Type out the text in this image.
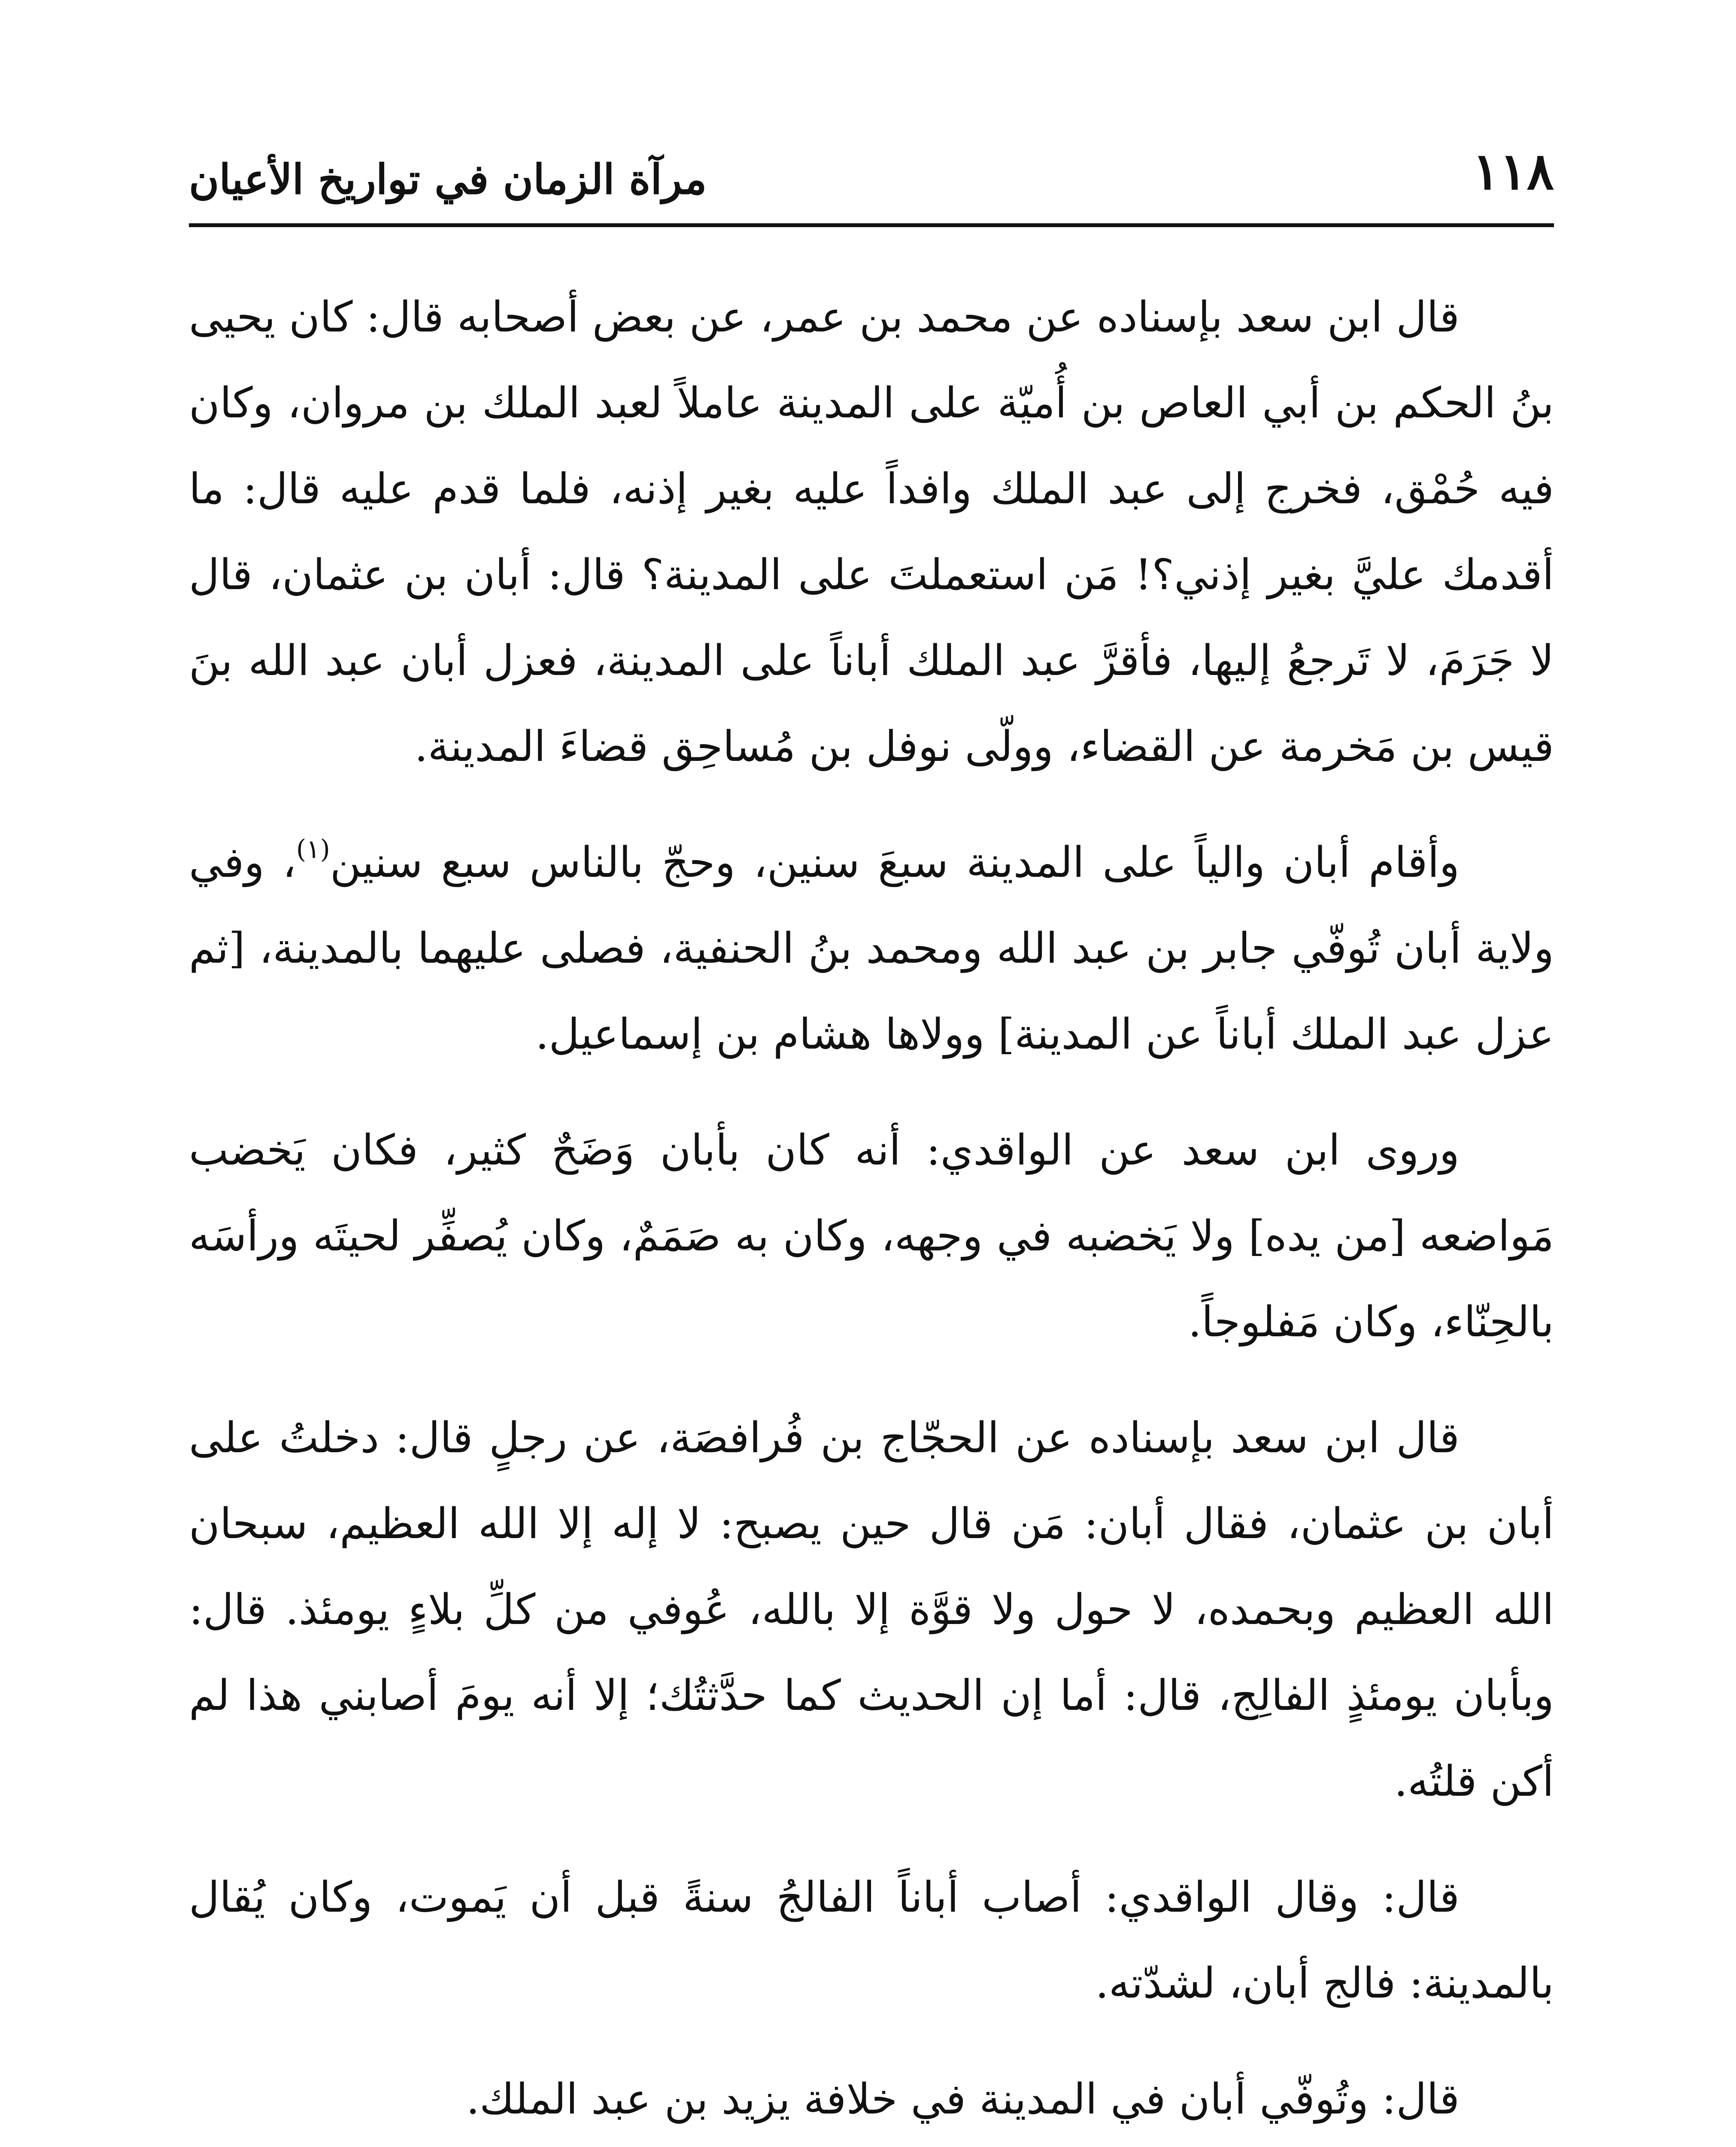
١١٨
مرآة الزمان في تواريخ الأعيان

قال ابن سعد بإسناده عن محمد بن عمر، عن بعض أصحابه قال: كان يحيى بنُ الحكم بن أبي العاص بن أُميّة على المدينة عاملاً لعبد الملك بن مروان، وكان فيه حُمْق، فخرج إلى عبد الملك وافداً عليه بغير إذنه، فلما قدم عليه قال: ما أقدمك عليَّ بغير إذني؟! مَن استعملتَ على المدينة؟ قال: أبان بن عثمان، قال لا جَرَمَ، لا تَرجعُ إليها، فأقرَّ عبد الملك أباناً على المدينة، فعزل أبان عبد الله بنَ قيس بن مَخرمة عن القضاء، وولّى نوفل بن مُساحِق قضاءَ المدينة.

وأقام أبان والياً على المدينة سبعَ سنين، وحجّ بالناس سبع سنين$^{(١)}$، وفي ولاية أبان تُوفّي جابر بن عبد الله ومحمد بنُ الحنفية، فصلى عليهما بالمدينة، [ثم عزل عبد الملك أباناً عن المدينة] وولاها هشام بن إسماعيل.

وروى ابن سعد عن الواقدي: أنه كان بأبان وَضَحٌ كثير، فكان يَخضب مَواضعه [من يده] ولا يَخضبه في وجهه، وكان به صَمَمٌ، وكان يُصفِّر لحيتَه ورأسَه بالحِنّاء، وكان مَفلوجاً.

قال ابن سعد بإسناده عن الحجّاج بن فُرافصَة، عن رجلٍ قال: دخلتُ على أبان بن عثمان، فقال أبان: مَن قال حين يصبح: لا إله إلا الله العظيم، سبحان الله العظيم وبحمده، لا حول ولا قوَّة إلا بالله، عُوفي من كلِّ بلاءٍ يومئذ. قال: وبأبان يومئذٍ الفالِج، قال: أما إن الحديث كما حدَّثتُك؛ إلا أنه يومَ أصابني هذا لم أكن قلتُه.

قال: وقال الواقدي: أصاب أباناً الفالجُ سنةً قبل أن يَموت، وكان يُقال بالمدينة: فالج أبان، لشدّته.

قال: وتُوفّي أبان في المدينة في خلافة يزيد بن عبد الملك.
